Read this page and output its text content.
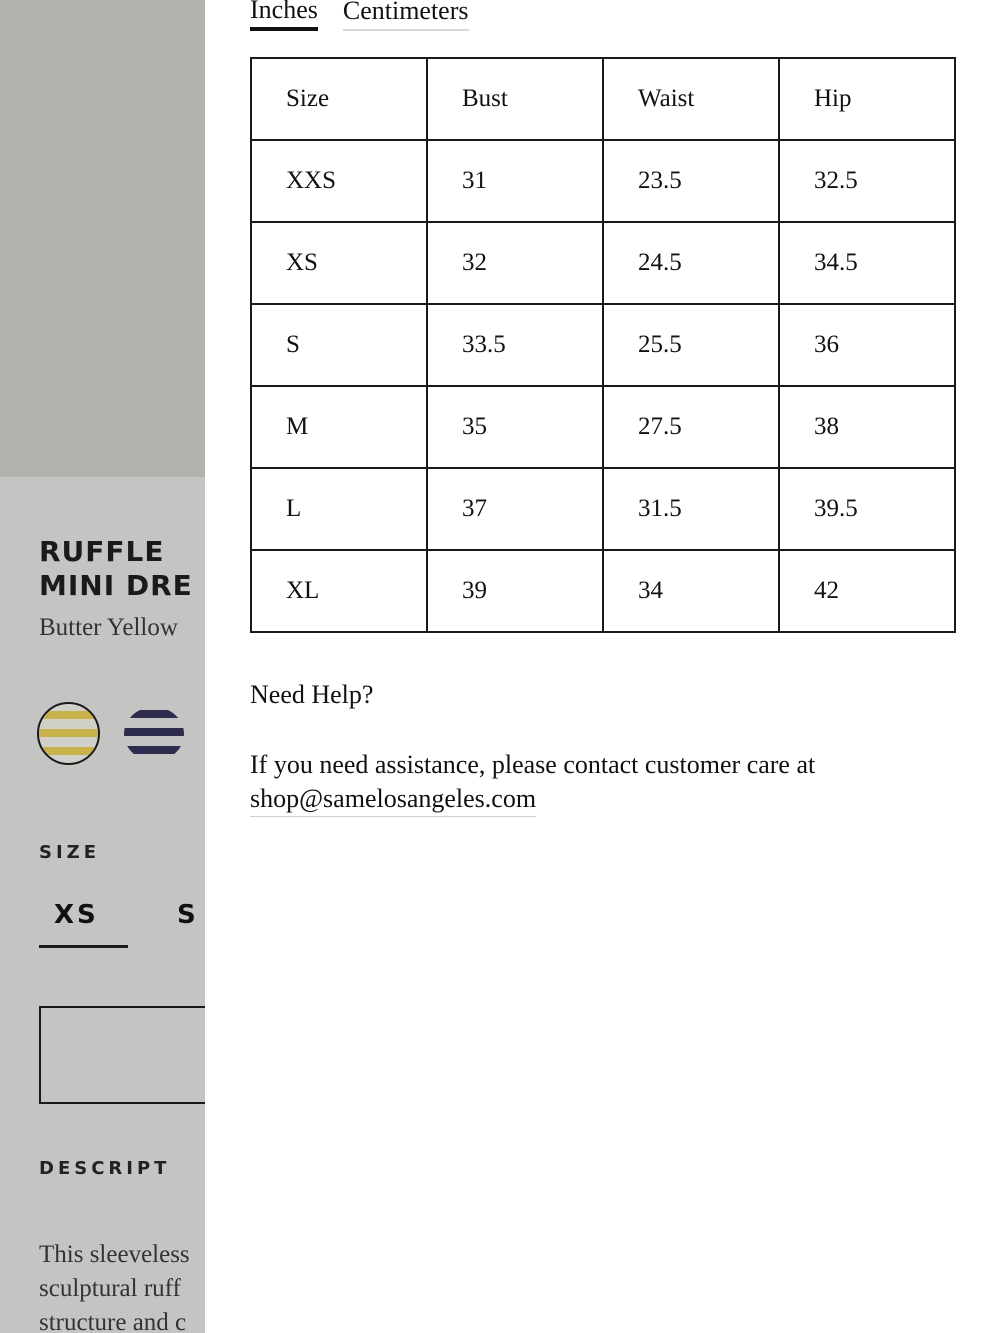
RUFFLE
MINI DRE
Butter Yellow
SIZE
XS	S
DESCRIPT
This sleeveless
sculptural ruff
structure and c
Inches Centimeters
Size	Bust	Waist	Hip
XXS	31	23.5	32.5
XS	32	24.5	34.5
S	33.5	25.5	36
M	35	27.5	38
L	37	31.5	39.5
XL	39	34	42
Need Help?
If you need assistance, please contact customer care at
shop@samelosangeles.com
